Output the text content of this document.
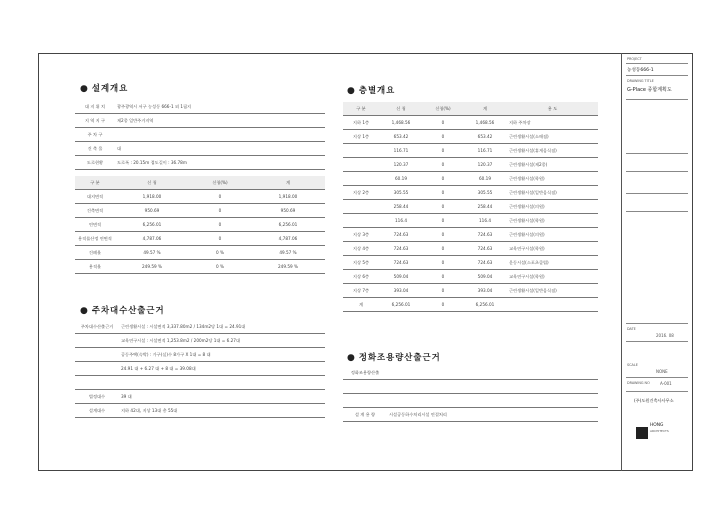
PROJECT
농성동666-1
DRAWING TITLE
G-Place 종합계획도
DATE
2016. 08
SCALE
NONE
DRAWING NO	A-001
(주)도원건축사사무소
HONG
ARCHITECTS
● 설계개요
대 지 위 치	광주광역시 서구 농성동 666-1 외 1필지
지 역 지 구	제2종 일반주거지역
주 차 구	
건 축 물	대
도로현황	도로폭 : 20.15m 접도길이 : 36.78m
구 분	신 청	신청(%)	계
대지면적	1,918.00	0	1,918.00
건축면적	950.69	0	950.69
연면적	6,256.01	0	6,256.01
용적률산정 연면적	4,787.06	0	4,787.06
건폐율	49.57 %	0 %	49.57 %
용적율	249.59 %	0 %	249.59 %
● 주차대수산출근거
주차대수산출근거	근린생활시설 : 시설면적 3,337.80m2 / 134m2당 1대 = 24.91대
	교육연구시설 : 시설면적 1,253.8m2 / 200m2당 1대 = 6.27대
	공동주택(숙박) : 가구(실)수 8가구 X 1대 = 8 대
	24.91 대 + 6.27 대 + 8 대 = 39.08대

법정대수	39 대
설계대수	지하 42대, 지상 13대 총 55대
● 층별개요
구 분	신 청	신청(%)	계	용 도
지하 1층	1,468.56	0	1,468.56	지하 주차장
지상 1층	653.42	0	653.42	근린생활시설(소매점)
	116.71	0	116.71	근린생활시설(휴게음식점)
	120.37	0	120.37	근린생활시설(제2종)
	60.19	0	60.19	근린생활시설(학원)
지상 2층	305.55	0	305.55	근린생활시설(일반음식점)
	258.44	0	258.44	근린생활시설(의원)
	116.4	0	116.4	근린생활시설(학원)
지상 3층	724.63	0	724.63	근린생활시설(의원)
지상 4층	724.63	0	724.63	교육연구시설(학원)
지상 5층	724.63	0	724.63	운동시설(스포츠클럽)
지상 6층	509.04	0	509.04	교육연구시설(학원)
지상 7층	393.04	0	393.04	근린생활시설(일반음식점)
계	6,256.01	0	6,256.01	
● 정화조용량산출근거
정화조용량산출	

설 계 용 량	시설공동하수처리시설 연결처리
